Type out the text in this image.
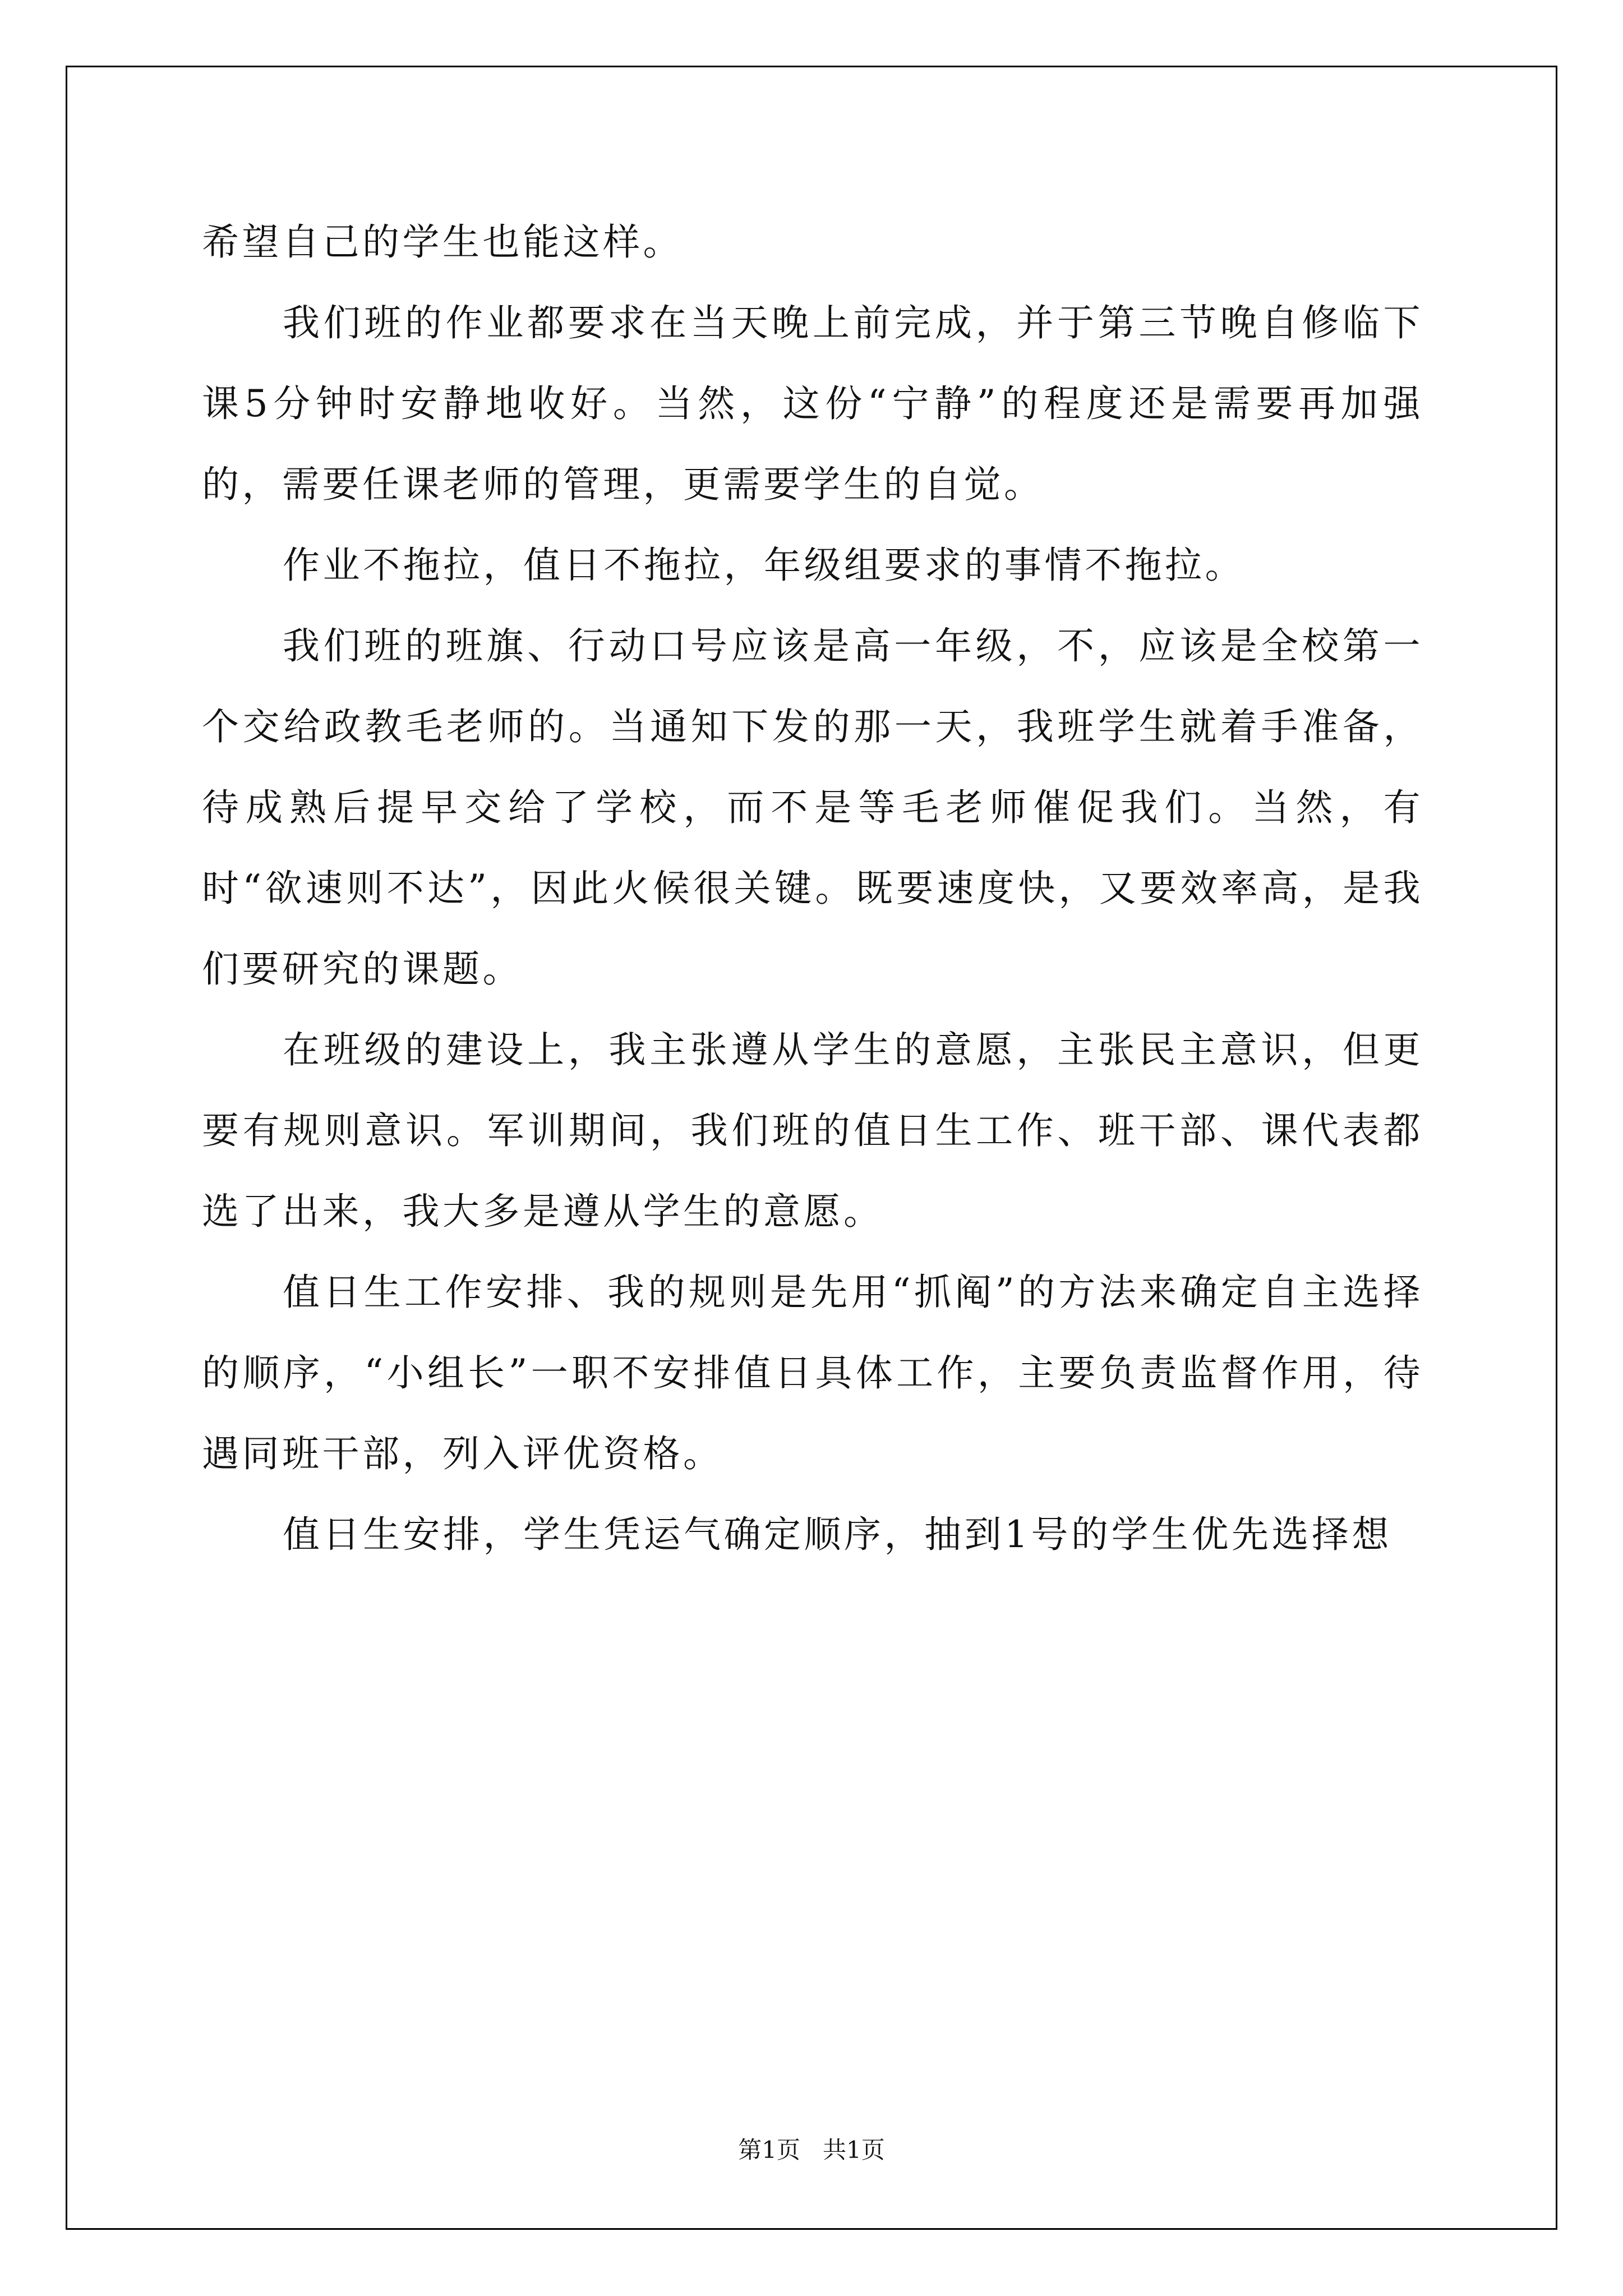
希望自己的学生也能这样。

我们班的作业都要求在当天晚上前完成，并于第三节晚自修临下课5分钟时安静地收好。当然，这份“宁静”的程度还是需要再加强的，需要任课老师的管理，更需要学生的自觉。

作业不拖拉，值日不拖拉，年级组要求的事情不拖拉。

我们班的班旗、行动口号应该是高一年级，不，应该是全校第一个交给政教毛老师的。当通知下发的那一天，我班学生就着手准备，待成熟后提早交给了学校，而不是等毛老师催促我们。当然，有时“欲速则不达”，因此火候很关键。既要速度快，又要效率高，是我们要研究的课题。

在班级的建设上，我主张遵从学生的意愿，主张民主意识，但更要有规则意识。军训期间，我们班的值日生工作、班干部、课代表都选了出来，我大多是遵从学生的意愿。

值日生工作安排、我的规则是先用“抓阄”的方法来确定自主选择的顺序，“小组长”一职不安排值日具体工作，主要负责监督作用，待遇同班干部，列入评优资格。

值日生安排，学生凭运气确定顺序，抽到1号的学生优先选择想

第1页   共1页
